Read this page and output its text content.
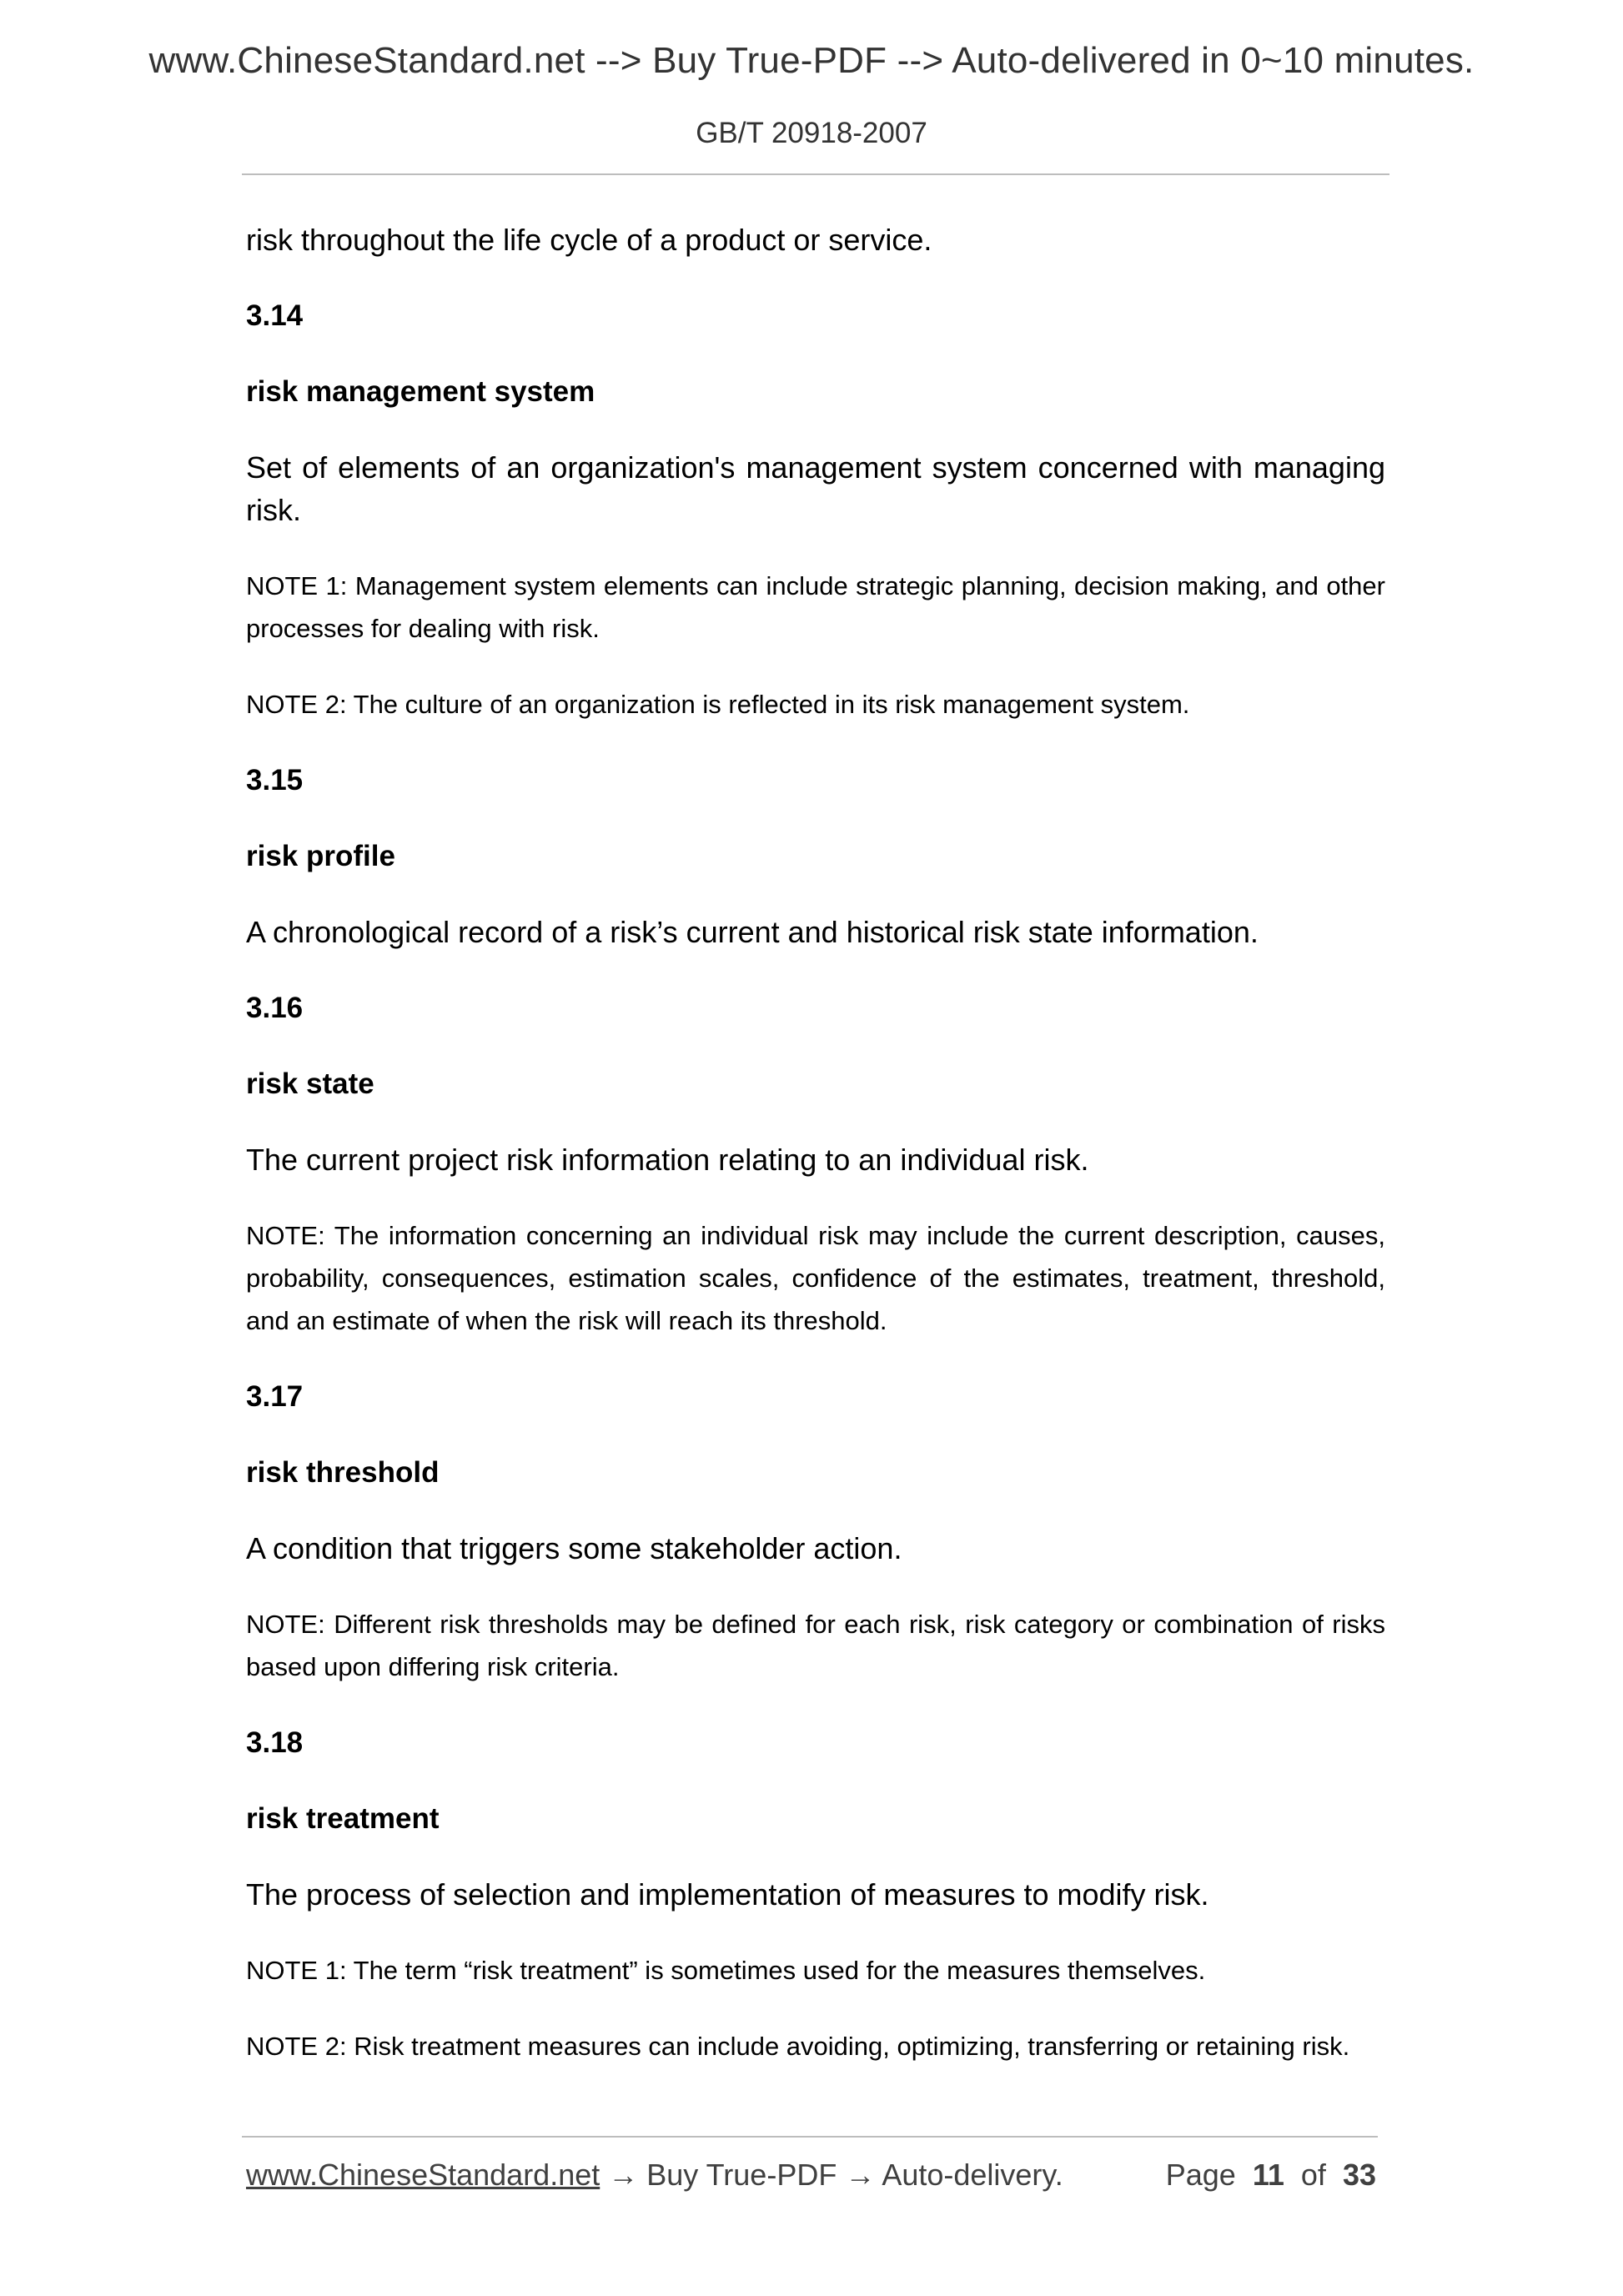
www.ChineseStandard.net --> Buy True-PDF --> Auto-delivered in 0~10 minutes.
GB/T 20918-2007

risk throughout the life cycle of a product or service.

3.14

risk management system

Set of elements of an organization's management system concerned with managing risk.

NOTE 1: Management system elements can include strategic planning, decision making, and other processes for dealing with risk.

NOTE 2: The culture of an organization is reflected in its risk management system.

3.15

risk profile

A chronological record of a risk’s current and historical risk state information.

3.16

risk state

The current project risk information relating to an individual risk.

NOTE: The information concerning an individual risk may include the current description, causes, probability, consequences, estimation scales, confidence of the estimates, treatment, threshold, and an estimate of when the risk will reach its threshold.

3.17

risk threshold

A condition that triggers some stakeholder action.

NOTE: Different risk thresholds may be defined for each risk, risk category or combination of risks based upon differing risk criteria.

3.18

risk treatment

The process of selection and implementation of measures to modify risk.

NOTE 1: The term “risk treatment” is sometimes used for the measures themselves.

NOTE 2: Risk treatment measures can include avoiding, optimizing, transferring or retaining risk.

www.ChineseStandard.net → Buy True-PDF → Auto-delivery.	Page 11 of 33
